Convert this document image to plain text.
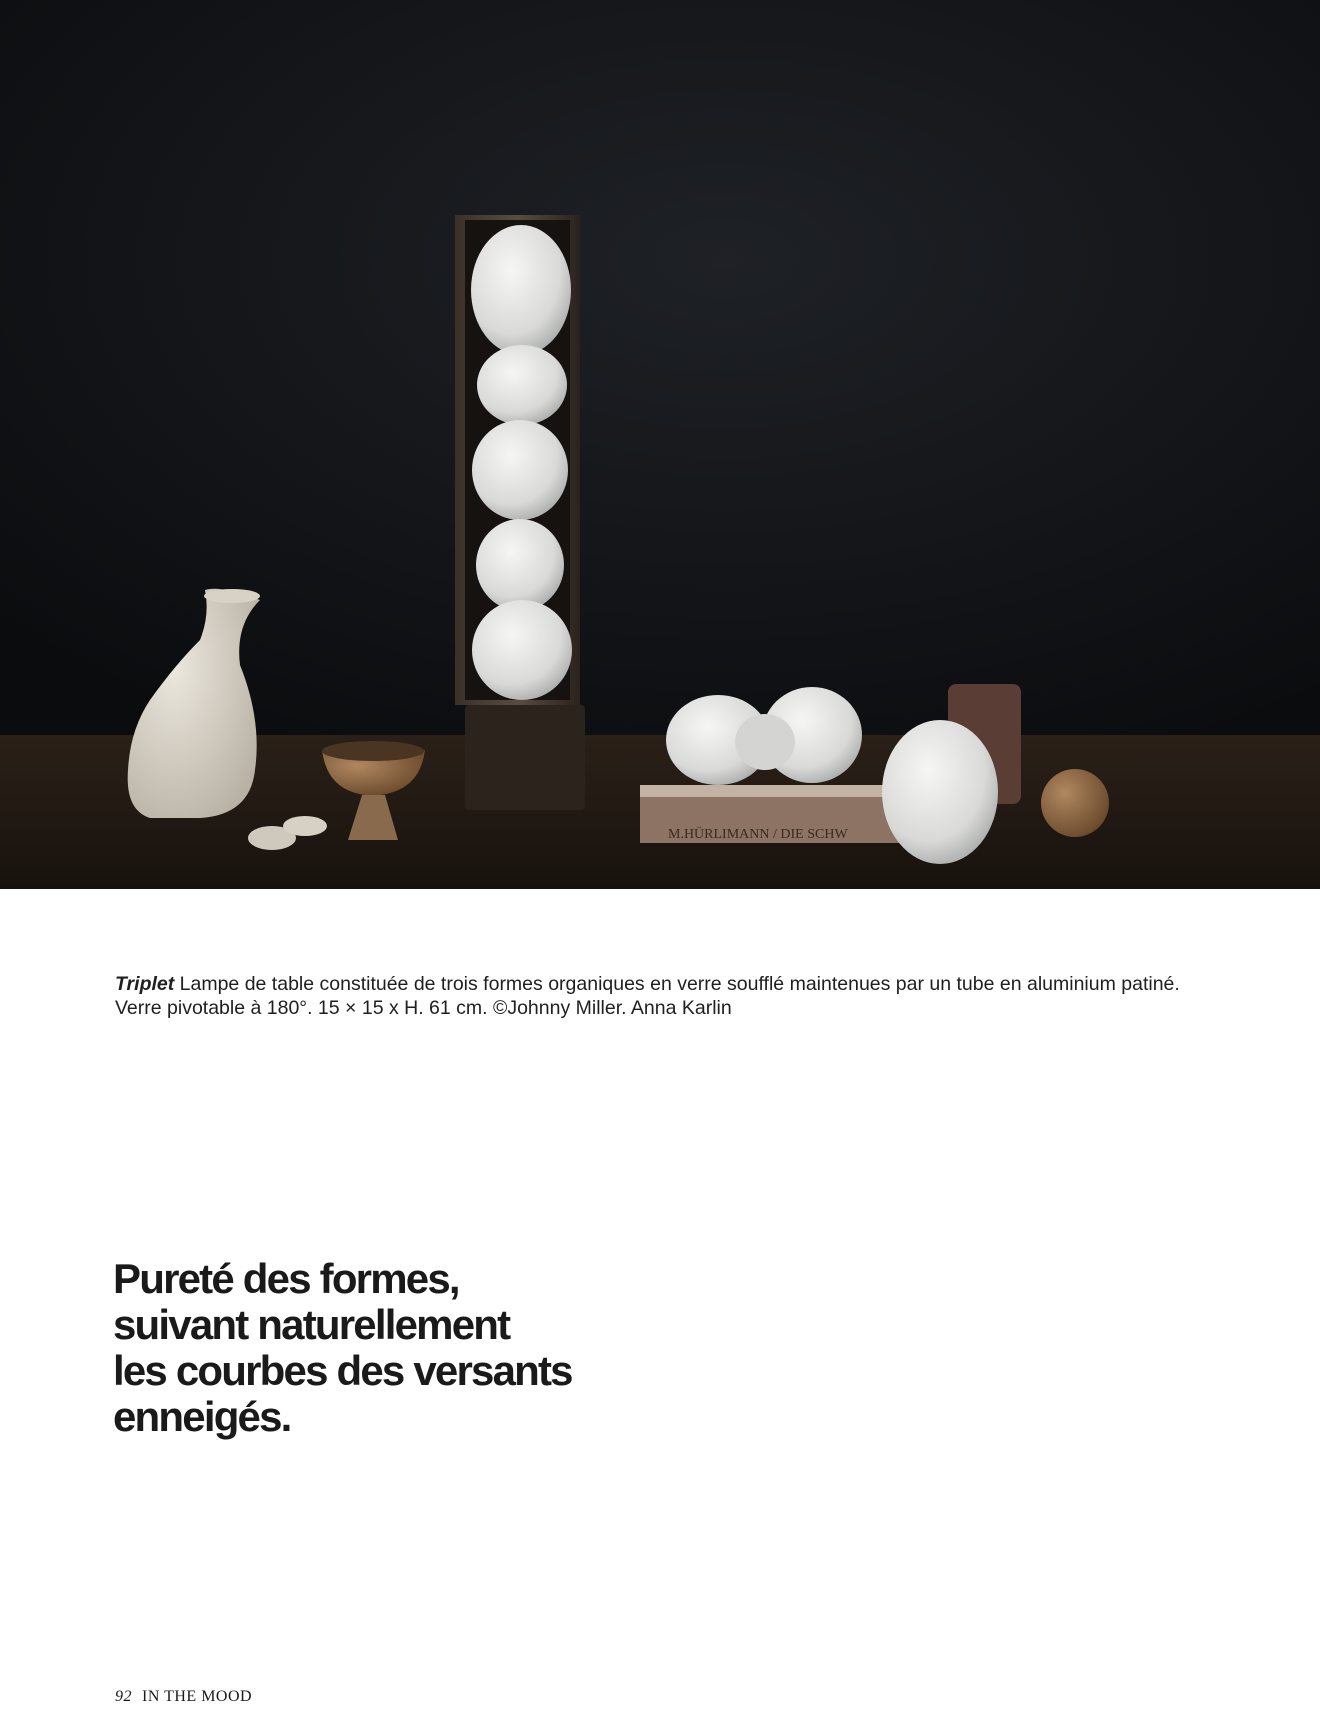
M.HÜRLIMANN / DIE SCHW

Triplet Lampe de table constituée de trois formes organiques en verre soufflé maintenues par un tube en aluminium patiné. Verre pivotable à 180°. 15 × 15 x H. 61 cm. ©Johnny Miller. Anna Karlin

Pureté des formes,
suivant naturellement
les courbes des versants
enneigés.
92 IN THE MOOD
